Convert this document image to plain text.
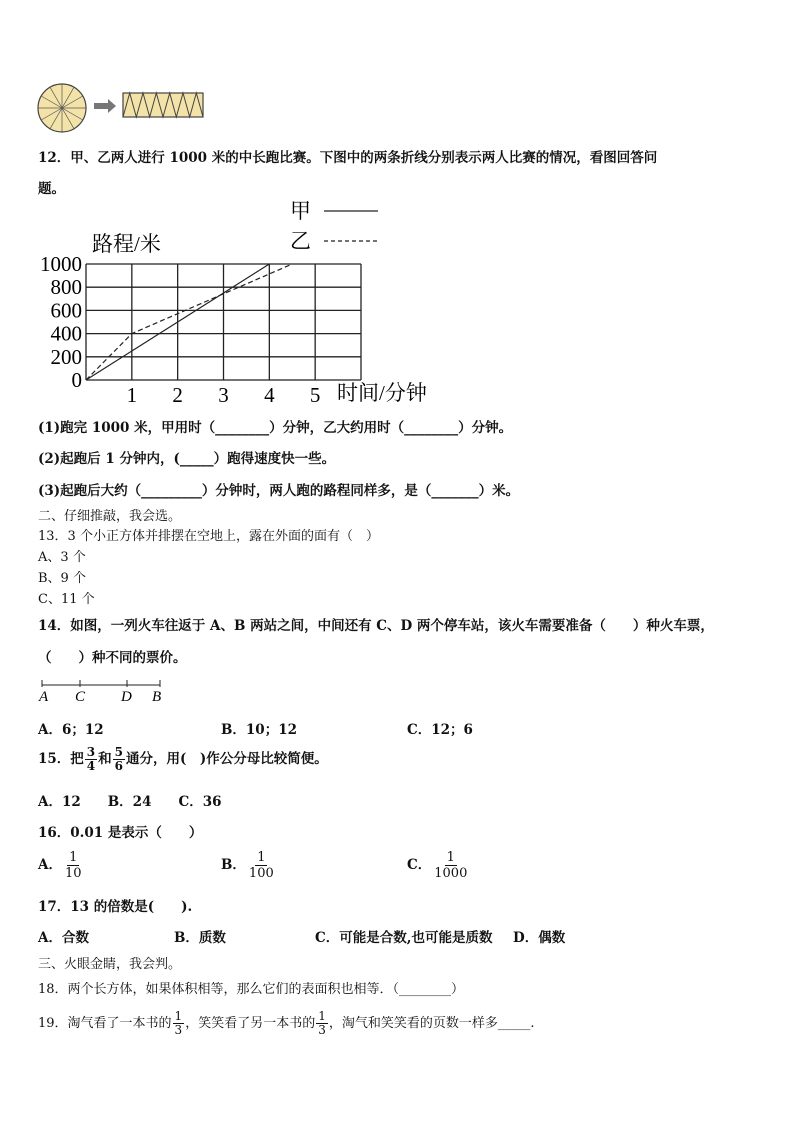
12．甲、乙两人进行 1000 米的中长跑比赛。下图中的两条折线分别表示两人比赛的情况，看图回答问
题。
0
200
400
600
800
1000
1 2 3 4 5
路程/米
时间/分钟
甲
乙
(1)跑完 1000 米，甲用时（________）分钟，乙大约用时（________）分钟。
(2)起跑后 1 分钟内，(_____）跑得速度快一些。
(3)起跑后大约（_________）分钟时，两人跑的路程同样多，是（_______）米。
二、仔细推敲，我会选。
13．3 个小正方体并排摆在空地上，露在外面的面有（　）
A、3 个
B、9 个
C、11 个
14．如图，一列火车往返于 A、B 两站之间，中间还有 C、D 两个停车站，该火车需要准备（　　）种火车票，
（　　）种不同的票价。
A C D B
A．6；12	B．10；12	C．12；6
15．把 $\frac{3}{4}$ 和 $\frac{5}{6}$ 通分，用(　)作公分母比较简便。
A．12　　B．24　　C．36
16．0.01 是表示（　　）
A． $\frac{1}{10}$	B． $\frac{1}{100}$	C． $\frac{1}{1000}$
17．13 的倍数是(　　).
A．合数	B．质数	C．可能是合数,也可能是质数 D．偶数
三、火眼金睛，我会判。
18．两个长方体，如果体积相等，那么它们的表面积也相等．（________）
19．淘气看了一本书的 $\frac{1}{3}$ ，笑笑看了另一本书的 $\frac{1}{3}$ ，淘气和笑笑看的页数一样多_____.
